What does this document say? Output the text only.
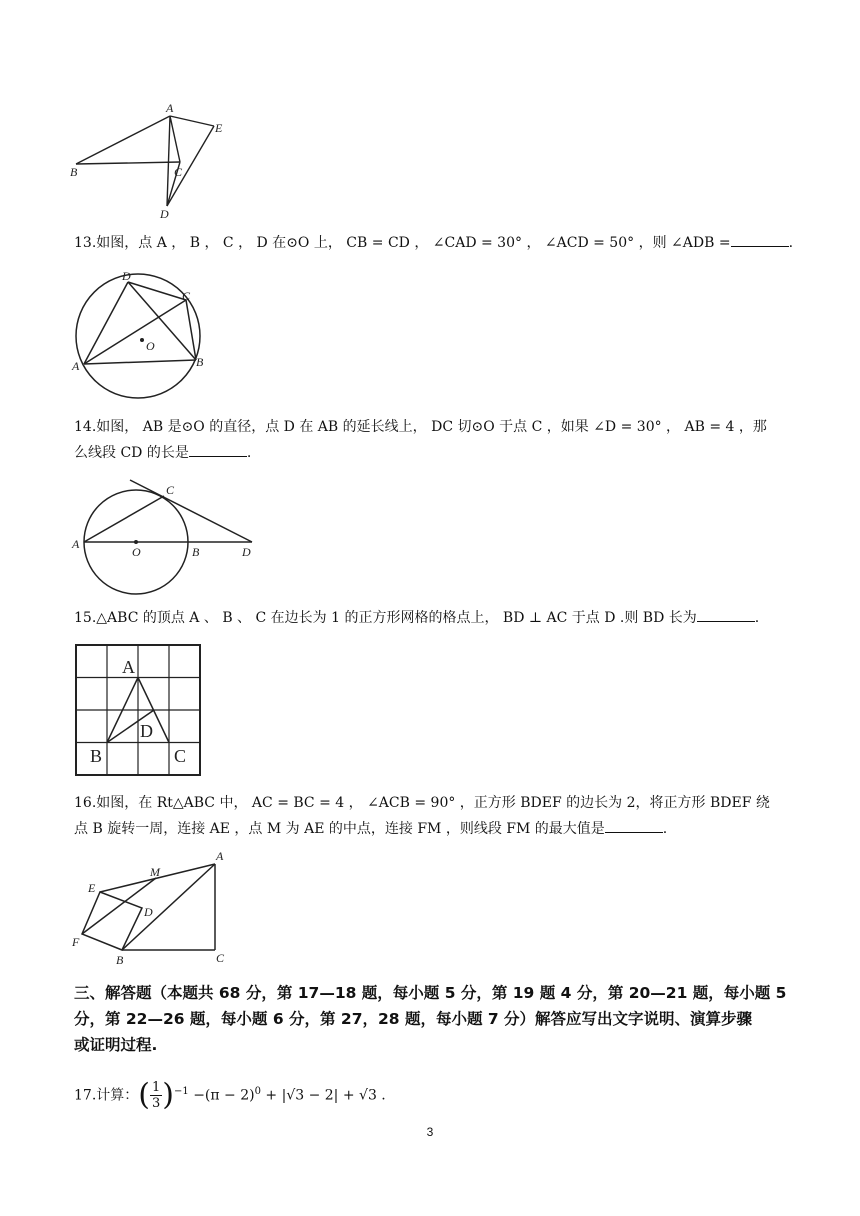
A
B	C
D
E
13.如图，点 A ， B ， C ， D 在⊙O 上， CB = CD ， ∠CAD = 30° ， ∠ACD = 50° ，则 ∠ADB =	.
D
C
A	B
O
14.如图， AB 是⊙O 的直径，点 D 在 AB 的延长线上， DC 切⊙O 于点 C ，如果 ∠D = 30° ， AB = 4 ，那
么线段 CD 的长是	.
A
O	B
C
D
15.△ABC 的顶点 A 、 B 、 C 在边长为 1 的正方形网格的格点上， BD ⊥ AC 于点 D .则 BD 长为	.
A
D
B	C
16.如图，在 Rt△ABC 中， AC = BC = 4 ， ∠ACB = 90° ，正方形 BDEF 的边长为 2，将正方形 BDEF 绕
点 B 旋转一周，连接 AE ，点 M 为 AE 的中点，连接 FM ，则线段 FM 的最大值是	.
A
M
E
D
F
B	C
三、解答题（本题共 68 分，第 17—18 题，每小题 5 分，第 19 题 4 分，第 20—21 题，每小题 5
分，第 22—26 题，每小题 6 分，第 27，28 题，每小题 7 分）解答应写出文字说明、演算步骤
或证明过程.
17.计算：( $\frac{1}{3} )^{-1} -(\pi - 2)^0 + |√3 - 2| + √3$ .
3
